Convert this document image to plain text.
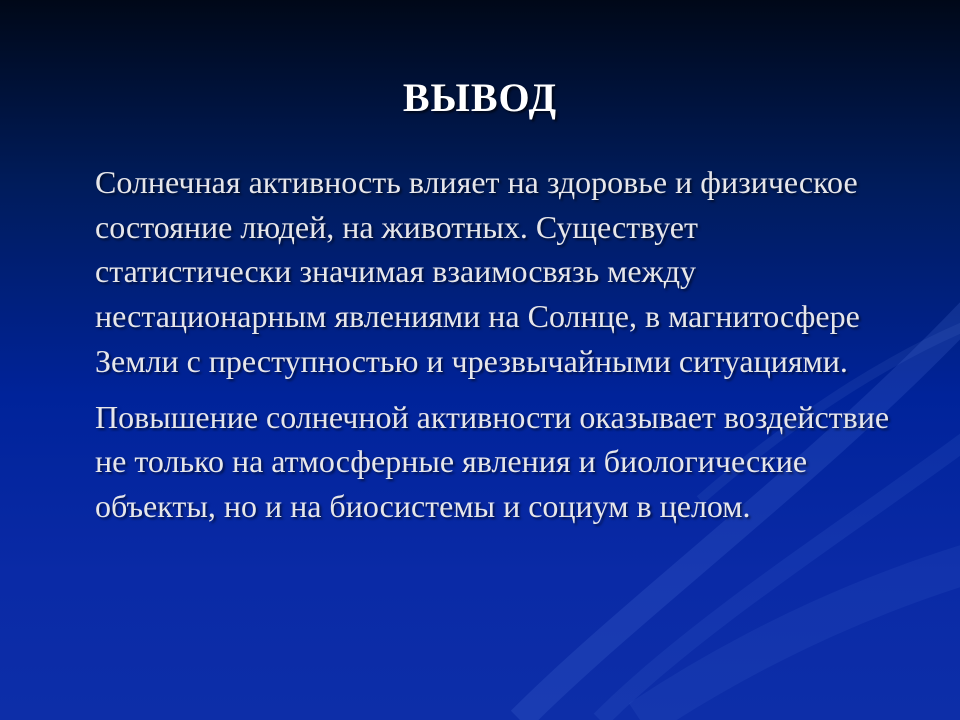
ВЫВОД

Солнечная активность влияет на здоровье и физическое состояние людей, на животных. Существует статистически значимая взаимосвязь между нестационарным явлениями на Солнце, в магнитосфере Земли с преступностью и чрезвычайными ситуациями.

Повышение солнечной активности оказывает воздействие не только на атмосферные явления и биологические объекты, но и на биосистемы и социум в целом.
